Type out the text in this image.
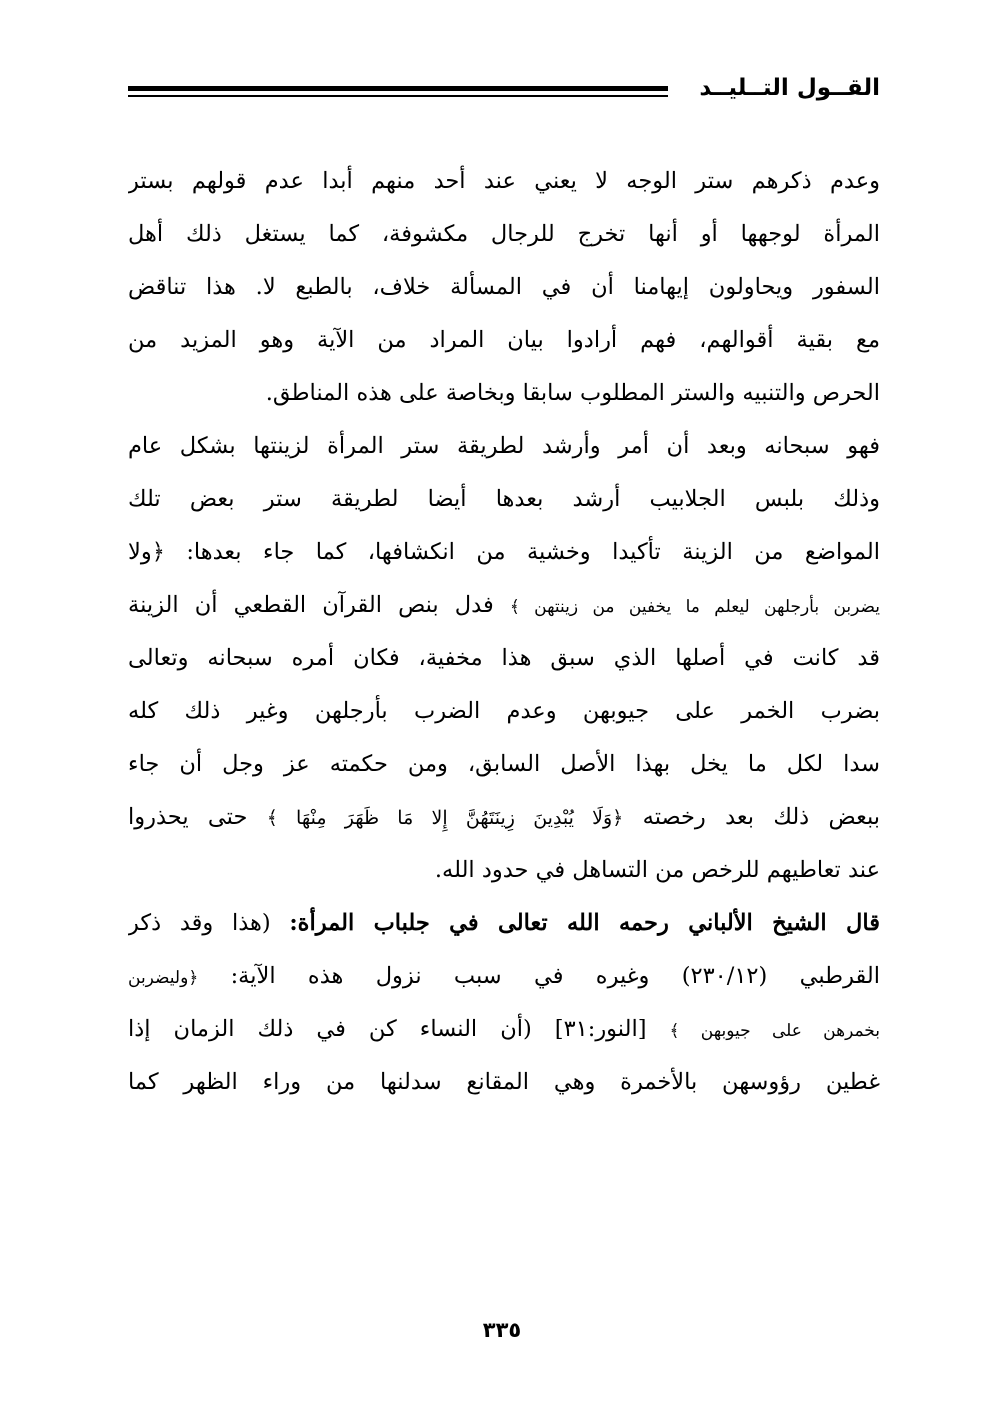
القــول التــليــد
وعدم ذكرهم ستر الوجه لا يعني عند أحد منهم أبدا عدم قولهم بستر
المرأة لوجهها أو أنها تخرج للرجال مكشوفة، كما يستغل ذلك أهل
السفور ويحاولون إيهامنا أن في المسألة خلاف، بالطبع لا. هذا تناقض
مع بقية أقوالهم، فهم أرادوا بيان المراد من الآية وهو المزيد من
الحرص والتنبيه والستر المطلوب سابقا وبخاصة على هذه المناطق.
فهو سبحانه وبعد أن أمر وأرشد لطريقة ستر المرأة لزينتها بشكل عام
وذلك بلبس الجلابيب أرشد بعدها أيضا لطريقة ستر بعض تلك
المواضع من الزينة تأكيدا وخشية من انكشافها، كما جاء بعدها: ﴿ولا
يضربن بأرجلهن ليعلم ما يخفين من زينتهن ﴾ فدل بنص القرآن القطعي أن الزينة
قد كانت في أصلها الذي سبق هذا مخفية، فكان أمره سبحانه وتعالى
بضرب الخمر على جيوبهن وعدم الضرب بأرجلهن وغير ذلك كله
سدا لكل ما يخل بهذا الأصل السابق، ومن حكمته عز وجل أن جاء
ببعض ذلك بعد رخصته ﴿وَلَا يُبْدِينَ زِينَتَهُنَّ إِلا مَا ظَهَرَ مِنْهَا ﴾ حتى يحذروا
عند تعاطيهم للرخص من التساهل في حدود الله.
قال الشيخ الألباني رحمه الله تعالى في جلباب المرأة: (هذا وقد ذكر
القرطبي (٢٣٠/١٢) وغيره في سبب نزول هذه الآية: ﴿وليضربن
بخمرهن على جيوبهن ﴾ [النور:٣١] (أن النساء كن في ذلك الزمان إذا
غطين رؤوسهن بالأخمرة وهي المقانع سدلنها من وراء الظهر كما
٣٣٥
